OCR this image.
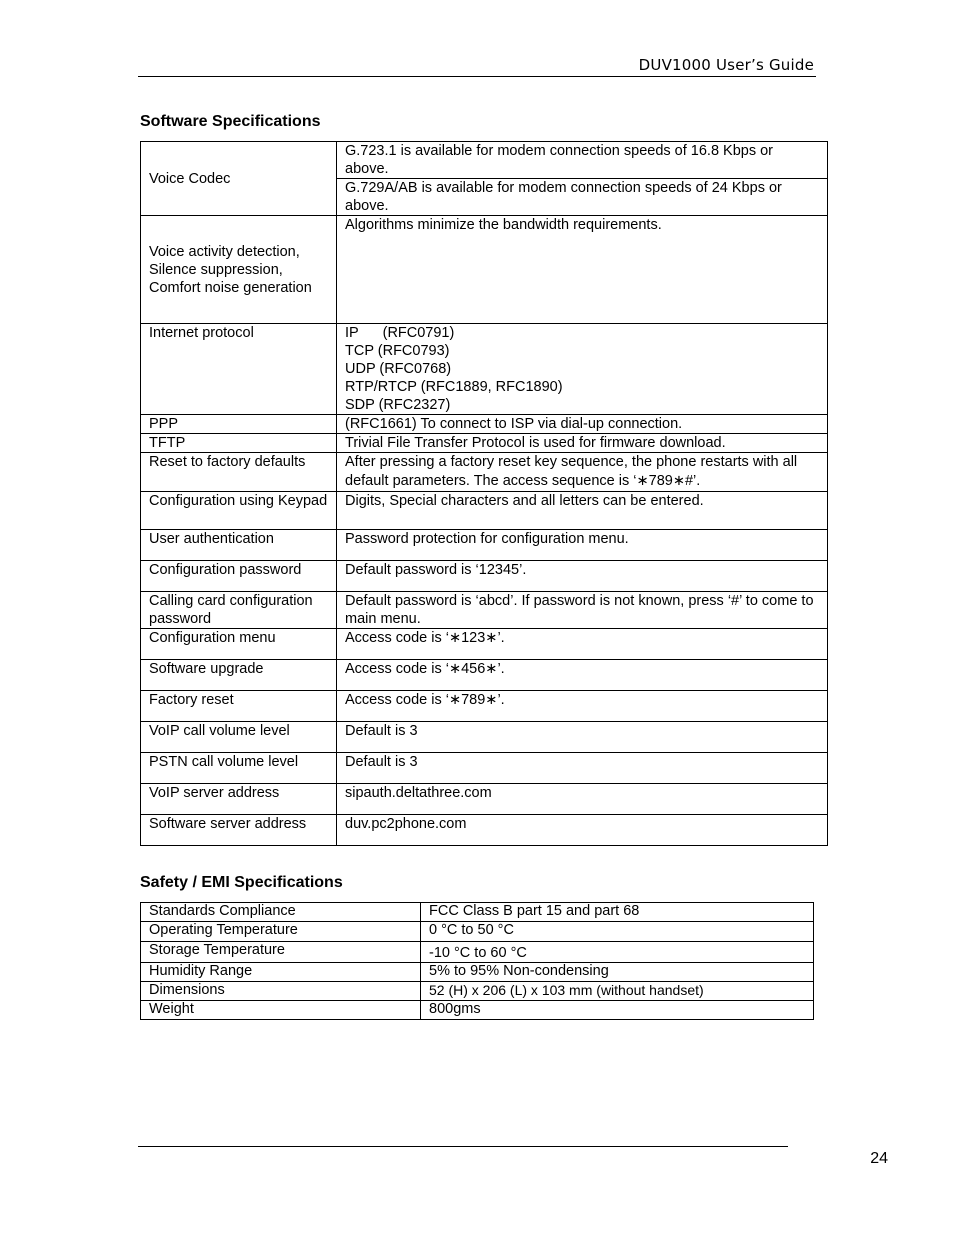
DUV1000 User’s Guide
Software Specifications
Voice Codec	G.723.1 is available for modem connection speeds of 16.8 Kbps or above.
	G.729A/AB is available for modem connection speeds of 24 Kbps or above.

Voice activity detection,
Silence suppression,
Comfort noise generation	Algorithms minimize the bandwidth requirements.
Internet protocol	IP      (RFC0791)
TCP (RFC0793)
UDP (RFC0768)
RTP/RTCP (RFC1889, RFC1890)
SDP (RFC2327)

PPP	(RFC1661) To connect to ISP via dial-up connection.
TFTP	Trivial File Transfer Protocol is used for firmware download.
Reset to factory defaults	After pressing a factory reset key sequence, the phone restarts with all default parameters. The access sequence is ‘∗789∗#’.
Configuration using Keypad	Digits, Special characters and all letters can be entered.
User authentication	Password protection for configuration menu.
Configuration password	Default password is ‘12345’.
Calling card configuration password	Default password is ‘abcd’. If password is not known, press ‘#’ to come to main menu.
Configuration menu	Access code is ‘∗123∗’.
Software upgrade	Access code is ‘∗456∗’.
Factory reset	Access code is ‘∗789∗’.
VoIP call volume level	Default is 3
PSTN call volume level	Default is 3
VoIP server address	sipauth.deltathree.com
Software server address	duv.pc2phone.com
Safety / EMI Specifications
Standards Compliance	FCC Class B part 15 and part 68
Operating Temperature	0 °C to 50 °C
Storage Temperature	-10 °C to 60 °C
Humidity Range	5% to 95% Non-condensing
Dimensions	52 (H) x 206 (L) x 103 mm (without handset)
Weight	800gms
24
